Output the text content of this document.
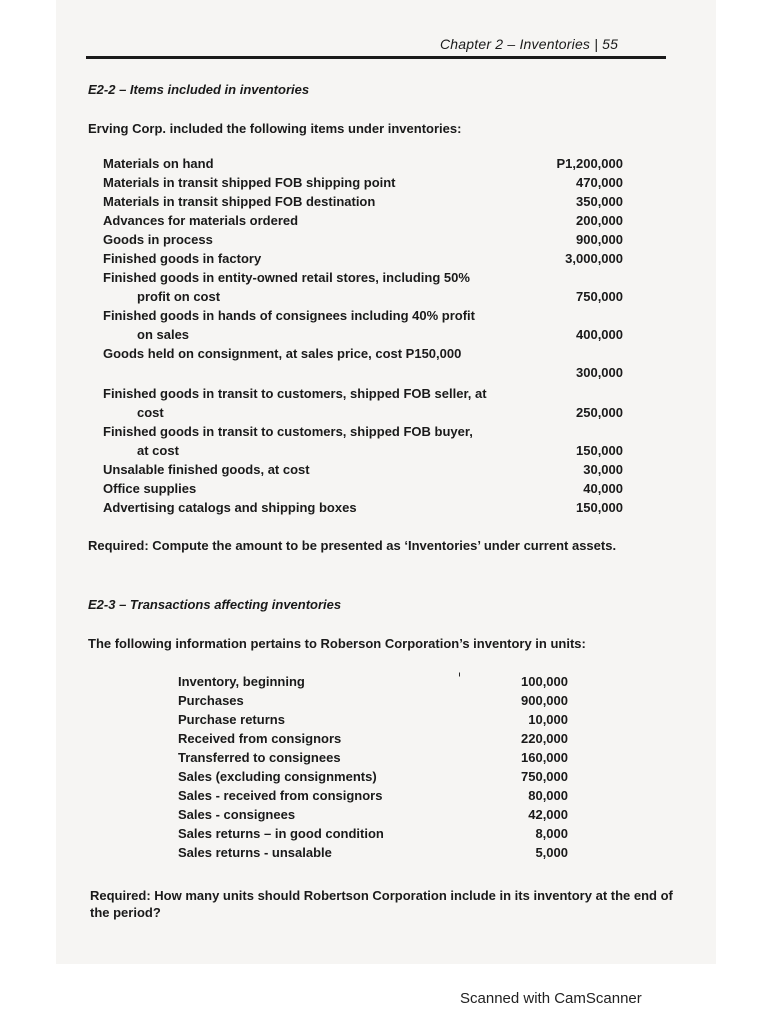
Chapter 2 – Inventories | 55
E2-2 – Items included in inventories
Erving Corp. included the following items under inventories:
Materials on hand	P1,200,000
Materials in transit shipped FOB shipping point	470,000
Materials in transit shipped FOB destination	350,000
Advances for materials ordered	200,000
Goods in process	900,000
Finished goods in factory	3,000,000
Finished goods in entity-owned retail stores, including 50%
profit on cost	750,000
Finished goods in hands of consignees including 40% profit
on sales	400,000
Goods held on consignment, at sales price, cost P150,000
300,000
Finished goods in transit to customers, shipped FOB seller, at
cost	250,000
Finished goods in transit to customers, shipped FOB buyer,
at cost	150,000
Unsalable finished goods, at cost	30,000
Office supplies	40,000
Advertising catalogs and shipping boxes	150,000
Required: Compute the amount to be presented as ‘Inventories’ under current assets.
E2-3 – Transactions affecting inventories
The following information pertains to Roberson Corporation’s inventory in units:
Inventory, beginning	100,000
Purchases	900,000
Purchase returns	10,000
Received from consignors	220,000
Transferred to consignees	160,000
Sales (excluding consignments)	750,000
Sales - received from consignors	80,000
Sales - consignees	42,000
Sales returns – in good condition	8,000
Sales returns - unsalable	5,000
Required: How many units should Robertson Corporation include in its inventory at the end of the period?
Scanned with CamScanner
